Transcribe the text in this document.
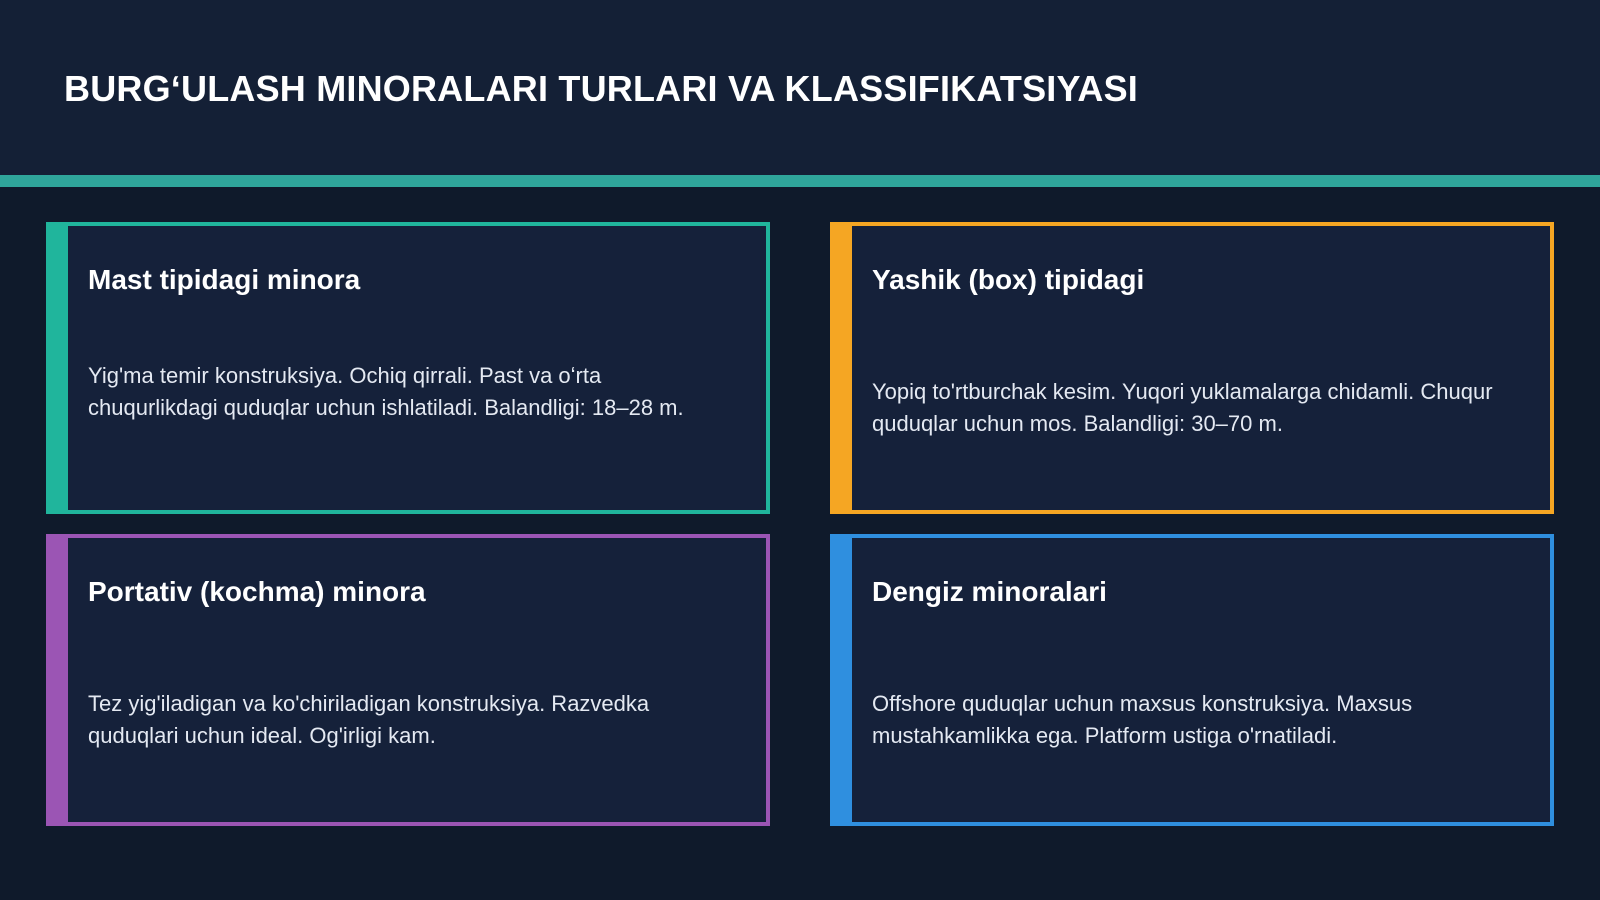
BURGʻULASH MINORALARI TURLARI VA KLASSIFIKATSIYASI
Mast tipidagi minora

Yig'ma temir konstruksiya. Ochiq qirrali. Past va oʻrta chuqurlikdagi quduqlar uchun ishlatiladi. Balandligi: 18–28 m.

Yashik (box) tipidagi

Yopiq to'rtburchak kesim. Yuqori yuklamalarga chidamli. Chuqur quduqlar uchun mos. Balandligi: 30–70 m.

Portativ (kochma) minora

Tez yig'iladigan va ko'chiriladigan konstruksiya. Razvedka quduqlari uchun ideal. Og'irligi kam.

Dengiz minoralari

Offshore quduqlar uchun maxsus konstruksiya. Maxsus mustahkamlikka ega. Platform ustiga o'rnatiladi.
